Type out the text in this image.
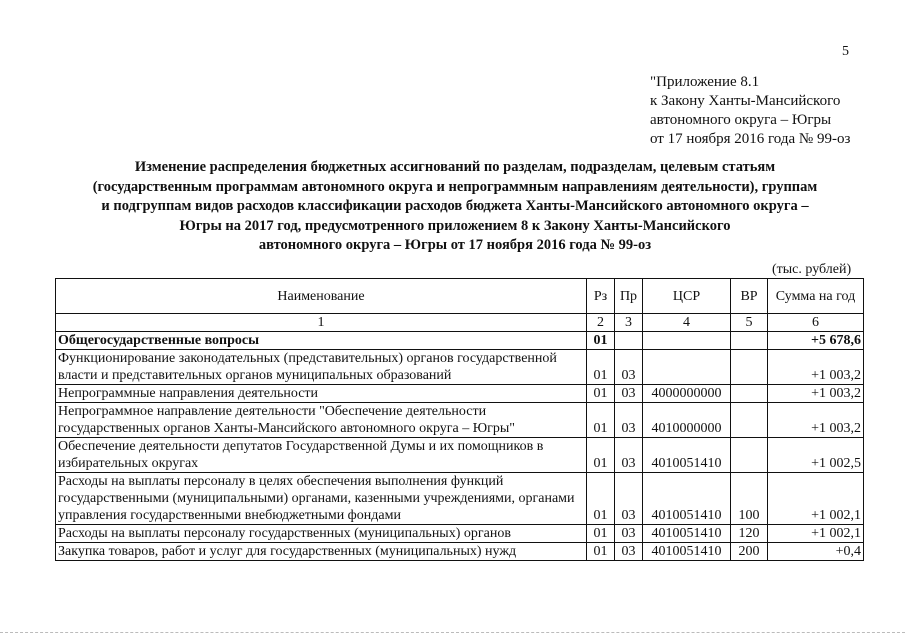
5
"Приложение 8.1
к Закону Ханты-Мансийского
автономного округа – Югры
от 17 ноября 2016 года № 99-оз
Изменение распределения бюджетных ассигнований по разделам, подразделам, целевым статьям
(государственным программам автономного округа и непрограммным направлениям деятельности), группам
и подгруппам видов расходов классификации расходов бюджета Ханты-Мансийского автономного округа –
Югры на 2017 год, предусмотренного приложением 8 к Закону Ханты-Мансийского
автономного округа – Югры от 17 ноября 2016 года № 99-оз
(тыс. рублей)
Наименование	Рз	Пр	ЦСР	ВР	Сумма на год
1	2	3	4	5	6
Общегосударственные вопросы	01				+5 678,6
Функционирование законодательных (представительных) органов государственной власти и представительных органов муниципальных образований	01	03			+1 003,2
Непрограммные направления деятельности	01	03	4000000000		+1 003,2
Непрограммное направление деятельности "Обеспечение деятельности государственных органов Ханты-Мансийского автономного округа – Югры"	01	03	4010000000		+1 003,2
Обеспечение деятельности депутатов Государственной Думы и их помощников в избирательных округах	01	03	4010051410		+1 002,5
Расходы на выплаты персоналу в целях обеспечения выполнения функций государственными (муниципальными) органами, казенными учреждениями, органами управления государственными внебюджетными фондами	01	03	4010051410	100	+1 002,1
Расходы на выплаты персоналу государственных (муниципальных) органов	01	03	4010051410	120	+1 002,1
Закупка товаров, работ и услуг для государственных (муниципальных) нужд	01	03	4010051410	200	+0,4
